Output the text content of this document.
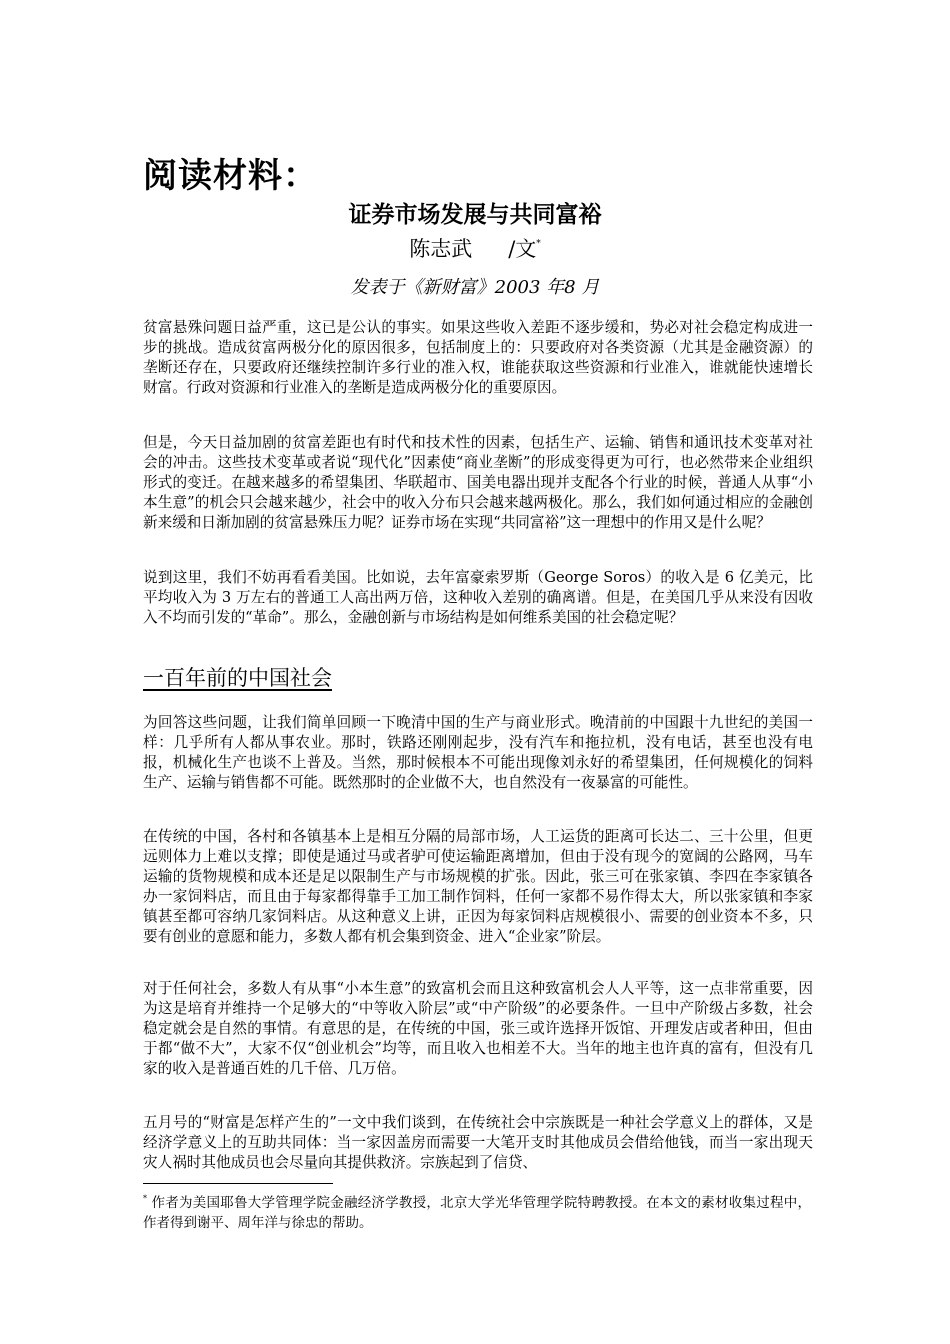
阅读材料：
证券市场发展与共同富裕
陈志武 /文*
发表于《新财富》2003 年8 月

贫富悬殊问题日益严重，这已是公认的事实。如果这些收入差距不逐步缓和，势必对社会稳定构成进一步的挑战。造成贫富两极分化的原因很多，包括制度上的：只要政府对各类资源（尤其是金融资源）的垄断还存在，只要政府还继续控制许多行业的准入权，谁能获取这些资源和行业准入，谁就能快速增长财富。行政对资源和行业准入的垄断是造成两极分化的重要原因。

但是，今天日益加剧的贫富差距也有时代和技术性的因素，包括生产、运输、销售和通讯技术变革对社会的冲击。这些技术变革或者说“现代化”因素使“商业垄断”的形成变得更为可行，也必然带来企业组织形式的变迁。在越来越多的希望集团、华联超市、国美电器出现并支配各个行业的时候，普通人从事“小本生意”的机会只会越来越少，社会中的收入分布只会越来越两极化。那么，我们如何通过相应的金融创新来缓和日渐加剧的贫富悬殊压力呢？证券市场在实现“共同富裕”这一理想中的作用又是什么呢？

说到这里，我们不妨再看看美国。比如说，去年富豪索罗斯（George Soros）的收入是 6 亿美元，比平均收入为 3 万左右的普通工人高出两万倍，这种收入差别的确离谱。但是，在美国几乎从来没有因收入不均而引发的“革命”。那么，金融创新与市场结构是如何维系美国的社会稳定呢？

一百年前的中国社会

为回答这些问题，让我们简单回顾一下晚清中国的生产与商业形式。晚清前的中国跟十九世纪的美国一样：几乎所有人都从事农业。那时，铁路还刚刚起步，没有汽车和拖拉机，没有电话，甚至也没有电报，机械化生产也谈不上普及。当然，那时候根本不可能出现像刘永好的希望集团，任何规模化的饲料生产、运输与销售都不可能。既然那时的企业做不大，也自然没有一夜暴富的可能性。

在传统的中国，各村和各镇基本上是相互分隔的局部市场，人工运货的距离可长达二、三十公里，但更远则体力上难以支撑；即使是通过马或者驴可使运输距离增加，但由于没有现今的宽阔的公路网，马车运输的货物规模和成本还是足以限制生产与市场规模的扩张。因此，张三可在张家镇、李四在李家镇各办一家饲料店，而且由于每家都得靠手工加工制作饲料，任何一家都不易作得太大，所以张家镇和李家镇甚至都可容纳几家饲料店。从这种意义上讲，正因为每家饲料店规模很小、需要的创业资本不多，只要有创业的意愿和能力，多数人都有机会集到资金、进入“企业家”阶层。

对于任何社会，多数人有从事“小本生意”的致富机会而且这种致富机会人人平等，这一点非常重要，因为这是培育并维持一个足够大的“中等收入阶层”或“中产阶级”的必要条件。一旦中产阶级占多数，社会稳定就会是自然的事情。有意思的是，在传统的中国，张三或许选择开饭馆、开理发店或者种田，但由于都“做不大”，大家不仅“创业机会”均等，而且收入也相差不大。当年的地主也许真的富有，但没有几家的收入是普通百姓的几千倍、几万倍。

五月号的“财富是怎样产生的”一文中我们谈到，在传统社会中宗族既是一种社会学意义上的群体，又是经济学意义上的互助共同体：当一家因盖房而需要一大笔开支时其他成员会借给他钱，而当一家出现天灾人祸时其他成员也会尽量向其提供救济。宗族起到了信贷、

* 作者为美国耶鲁大学管理学院金融经济学教授，北京大学光华管理学院特聘教授。在本文的素材收集过程中，作者得到谢平、周年洋与徐忠的帮助。
